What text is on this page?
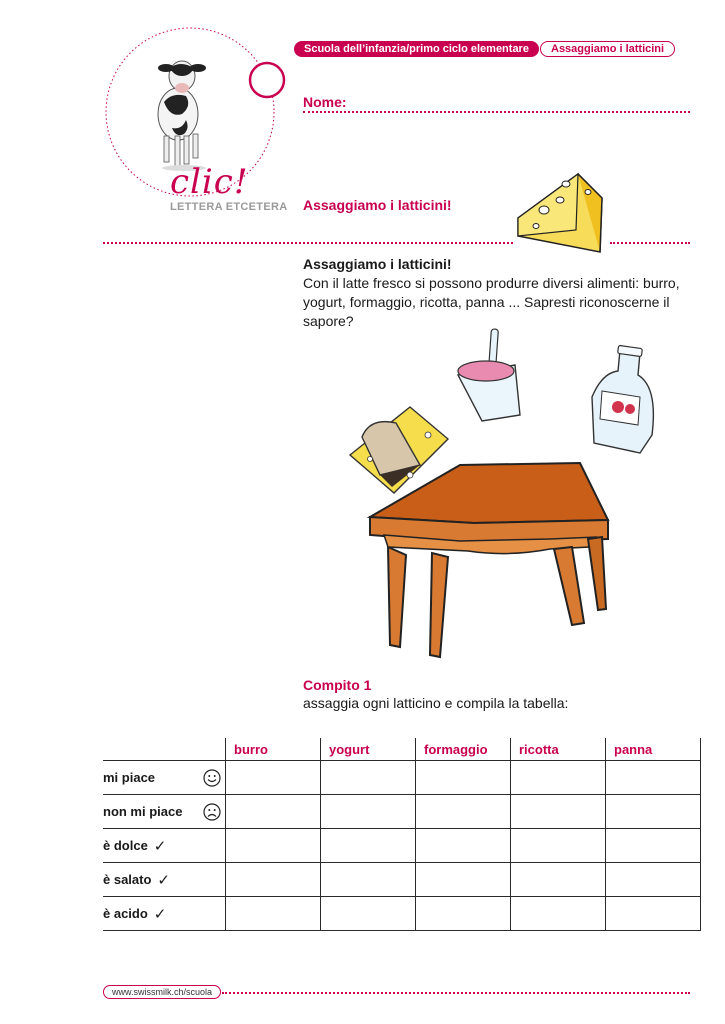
clic!
LETTERA ETCETERA
Scuola dell’infanzia/primo ciclo elementare	Assaggiamo i latticini
Nome:
Assaggiamo i latticini!
Assaggiamo i latticini!
Con il latte fresco si possono produrre diversi alimenti: burro, yogurt, formaggio, ricotta, panna ... Sapresti riconoscerne il sapore?
Compito 1
assaggia ogni latticino e compila la tabella:
	burro	yogurt	formaggio	ricotta	panna

mi piace					

non mi piace					

è dolce ✓					

è salato ✓					

è acido ✓					

www.swissmilk.ch/scuola
